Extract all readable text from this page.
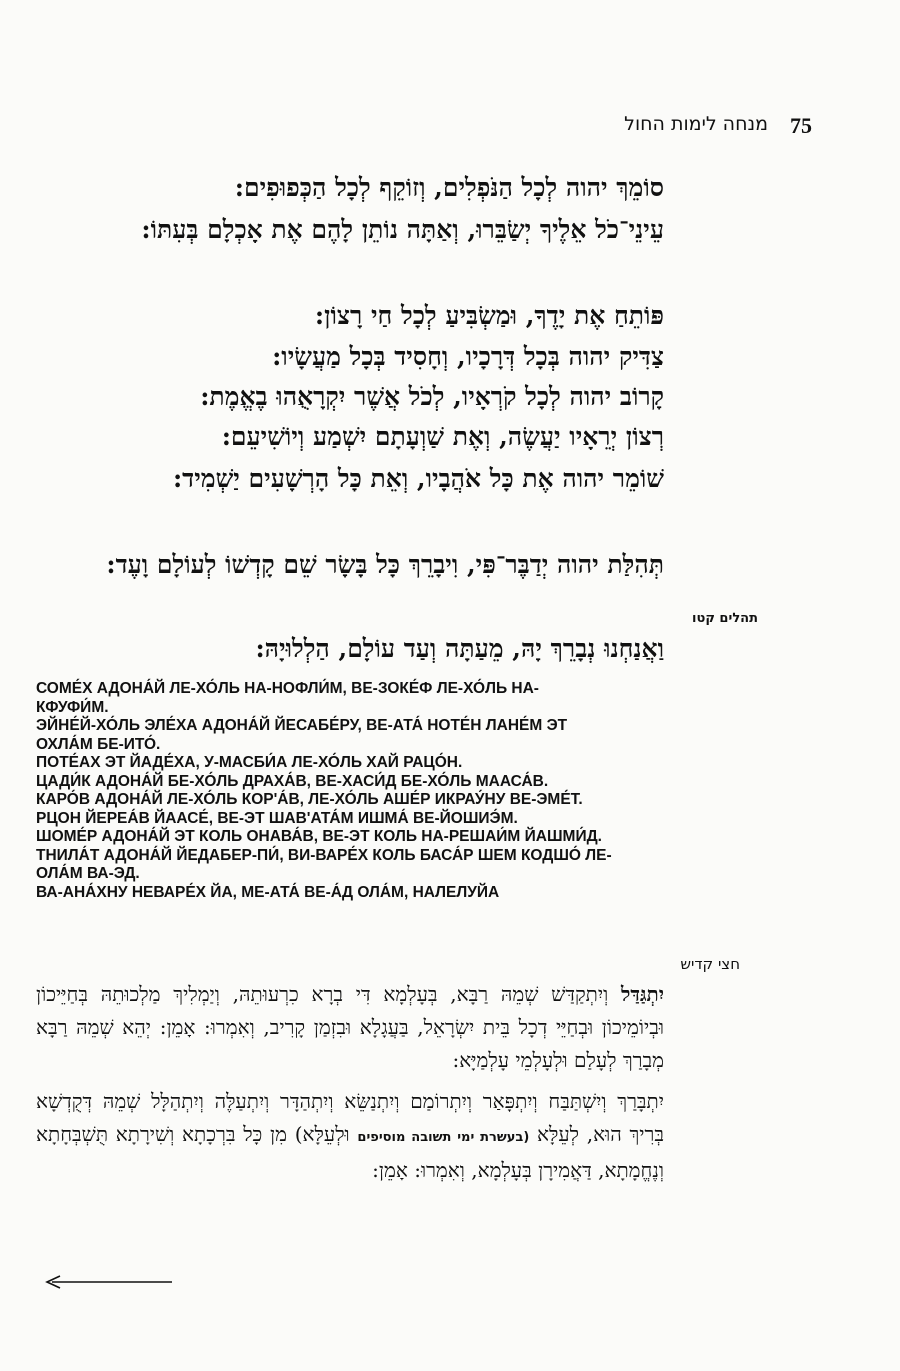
75
מנחה לימות החול

סוֹמֵךְ יהוה לְכָל הַנֹּפְלִים, וְזוֹקֵף לְכָל הַכְּפוּפִים:

עֵינֵי־כֹל אֵלֶיךָ יְשַׂבֵּרוּ, וְאַתָּה נוֹתֵן לָהֶם אֶת אָכְלָם בְּעִתּוֹ:

פּוֹתֵחַ אֶת יָדֶךָ, וּמַשְׂבִּיעַ לְכָל חַי רָצוֹן:

צַדִּיק יהוה בְּכָל דְּרָכָיו, וְחָסִיד בְּכָל מַעֲשָׂיו:

קָרוֹב יהוה לְכָל קֹרְאָיו, לְכֹל אֲשֶׁר יִקְרָאֻהוּ בֶאֱמֶת:

רְצוֹן יְרֵאָיו יַעֲשֶׂה, וְאֶת שַׁוְעָתָם יִשְׁמַע וְיוֹשִׁיעֵם:

שׁוֹמֵר יהוה אֶת כָּל אֹהֲבָיו, וְאֵת כָּל הָרְשָׁעִים יַשְׁמִיד:

תְּהִלַּת יהוה יְדַבֶּר־פִּי, וִיבָרֵךְ כָּל בָּשָׂר שֵׁם קָדְשׁוֹ לְעוֹלָם וָעֶד:

וַאֲנַחְנוּ נְבָרֵךְ יָהּ, מֵעַתָּה וְעַד עוֹלָם, הַלְלוּיָהּ:

תהלים קטו

СОМЕ́Х АДОНА́Й ЛЕ-ХО́ЛЬ HА-НОФЛИ́М, ВЕ-ЗОКЕ́Ф ЛЕ-ХО́ЛЬ HА-

КФУФИ́М.

ЭЙНЕ́Й-ХО́ЛЬ ЭЛЕ́ХА АДОНА́Й ЙЕСАБЕ́РУ, ВЕ-АТА́ НОТЕ́Н ЛАHЕ́М ЭТ

ОХЛА́М БЕ-ИТО́.

ПОТЕ́АХ ЭТ ЙАДЕ́ХА, У-МАСБИ́А ЛЕ-ХО́ЛЬ ХАЙ РАЦО́Н.

ЦАДИ́К АДОНА́Й БЕ-ХО́ЛЬ ДРАХА́В, ВЕ-ХАСИ́Д БЕ-ХО́ЛЬ МААСА́В.

КАРО́В АДОНА́Й ЛЕ-ХО́ЛЬ КОР'А́В, ЛЕ-ХО́ЛЬ АШЕ́Р ИКРАУ́HУ ВЕ-ЭМЕ́Т.

РЦОН ЙЕРЕА́В ЙААСЕ́, ВЕ-ЭТ ШАВ'АТА́М ИШМА́ ВЕ-ЙОШИЭ́М.

ШОМЕ́Р АДОНА́Й ЭТ КОЛЬ ОHАВА́В, ВЕ-ЭТ КОЛЬ HА-РЕШАИ́М ЙАШМИ́Д.

ТHИЛА́Т АДОНА́Й ЙЕДАБЕР-ПИ́, ВИ-ВАРЕ́Х КОЛЬ БАСА́Р ШЕМ КОДШО́ ЛЕ-

ОЛА́М ВА-ЭД.

ВА-АНА́ХНУ НЕВАРЕ́Х ЙА, МЕ-АТА́ ВЕ-А́Д ОЛА́М, HАЛЕЛУЙА

חצי קדיש

יִתְגַּדַּל וְיִתְקַדַּשׁ שְׁמֵהּ רַבָּא, בְּעָלְמָא דִּי בְרָא כִרְעוּתֵהּ, וְיַמְלִיךְ מַלְכוּתֵהּ בְּחַיֵּיכוֹן וּבְיוֹמֵיכוֹן וּבְחַיֵּי דְכָל בֵּית יִשְׂרָאֵל, בַּעֲגָלָא וּבִזְמַן קָרִיב, וְאִמְרוּ: אָמֵן: יְהֵא שְׁמֵהּ רַבָּא מְבָרַךְ לְעָלַם וּלְעָלְמֵי עָלְמַיָּא:

יִתְבָּרַךְ וְיִשְׁתַּבַּח וְיִתְפָּאַר וְיִתְרוֹמַם וְיִתְנַשֵּׂא וְיִתְהַדָּר וְיִתְעַלֶּה וְיִתְהַלָּל שְׁמֵהּ דְּקֻדְשָׁא בְּרִיךְ הוּא, לְעֵלָּא (בעשרת ימי תשובה מוסיפים וּלְעֵלָּא) מִן כָּל בִּרְכָתָא וְשִׁירָתָא תֻּשְׁבְּחָתָא וְנֶחֱמָתָא, דַּאֲמִירָן בְּעָלְמָא, וְאִמְרוּ: אָמֵן:
